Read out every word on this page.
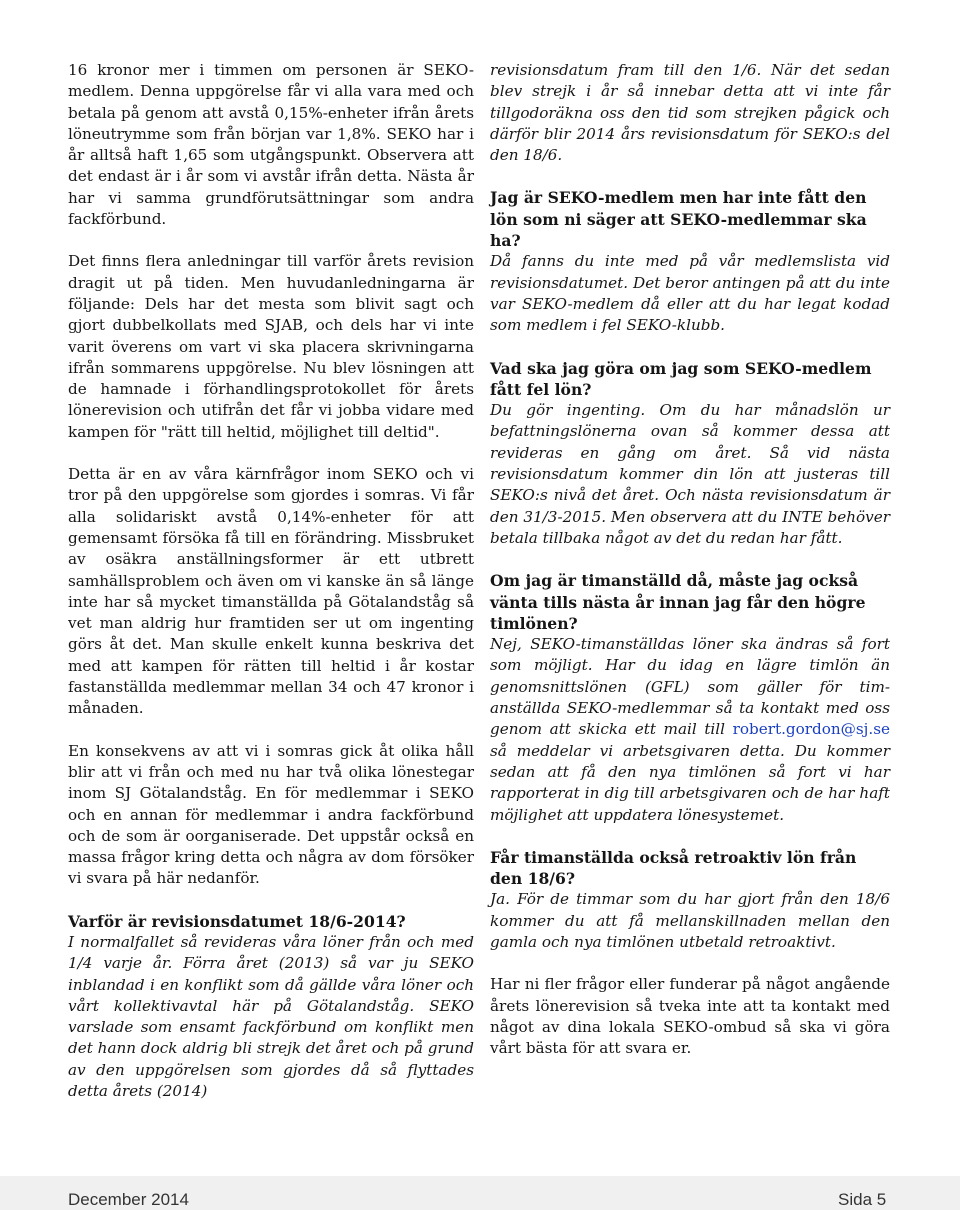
16 kronor mer i timmen om personen är SEKO-medlem. Denna uppgörelse får vi alla vara med och betala på genom att avstå 0,15%-enheter ifrån årets löneutrymme som från början var 1,8%. SEKO har i år alltså haft 1,65 som utgångspunkt. Observera att det endast är i år som vi avstår ifrån detta. Nästa år har vi samma grundförutsättningar som andra fackförbund.

Det finns flera anledningar till varför årets revision dragit ut på tiden. Men huvudanledningarna är följande: Dels har det mesta som blivit sagt och gjort dubbelkollats med SJAB, och dels har vi inte varit överens om vart vi ska placera skrivningarna ifrån sommarens uppgörelse. Nu blev lösningen att de hamnade i förhandlingsprotokollet för årets lönerevision och utifrån det får vi jobba vidare med kampen för "rätt till heltid, möjlighet till deltid".

Detta är en av våra kärnfrågor inom SEKO och vi tror på den uppgörelse som gjordes i somras. Vi får alla solidariskt avstå 0,14%-enheter för att gemensamt försöka få till en förändring. Missbruket av osäkra anställningsformer är ett utbrett samhällsproblem och även om vi kanske än så länge inte har så mycket timanställda på Götalandståg så vet man aldrig hur framtiden ser ut om ingenting görs åt det. Man skulle enkelt kunna beskriva det med att kampen för rätten till heltid i år kostar fastanställda medlemmar mellan 34 och 47 kronor i månaden.

En konsekvens av att vi i somras gick åt olika håll blir att vi från och med nu har två olika lönestegar inom SJ Götalandståg. En för medlemmar i SEKO och en annan för medlemmar i andra fackförbund och de som är oorganiserade. Det uppstår också en massa frågor kring detta och några av dom försöker vi svara på här nedanför.

Varför är revisionsdatumet 18/6-2014?

I normalfallet så revideras våra löner från och med 1/4 varje år. Förra året (2013) så var ju SEKO inblandad i en konflikt som då gällde våra löner och vårt kollektivavtal här på Götalandståg. SEKO varslade som ensamt fackförbund om konflikt men det hann dock aldrig bli strejk det året och på grund av den uppgörelsen som gjordes då så flyttades detta årets (2014)

revisionsdatum fram till den 1/6. När det sedan blev strejk i år så innebar detta att vi inte får tillgodoräkna oss den tid som strejken pågick och därför blir 2014 års revisionsdatum för SEKO:s del den 18/6.

Jag är SEKO-medlem men har inte fått den lön som ni säger att SEKO-medlemmar ska ha?

Då fanns du inte med på vår medlemslista vid revisionsdatumet. Det beror antingen på att du inte var SEKO-medlem då eller att du har legat kodad som medlem i fel SEKO-klubb.

Vad ska jag göra om jag som SEKO-medlem fått fel lön?

Du gör ingenting. Om du har månadslön ur befattningslönerna ovan så kommer dessa att revideras en gång om året. Så vid nästa revisionsdatum kommer din lön att justeras till SEKO:s nivå det året. Och nästa revisionsdatum är den 31/3-2015. Men observera att du INTE behöver betala tillbaka något av det du redan har fått.

Om jag är timanställd då, måste jag också vänta tills nästa år innan jag får den högre timlönen?

Nej, SEKO-timanställdas löner ska ändras så fort som möjligt. Har du idag en lägre timlön än genomsnittslönen (GFL) som gäller för tim-anställda SEKO-medlemmar så ta kontakt med oss genom att skicka ett mail till robert.gordon@sj.se så meddelar vi arbetsgivaren detta. Du kommer sedan att få den nya timlönen så fort vi har rapporterat in dig till arbetsgivaren och de har haft möjlighet att uppdatera lönesystemet.

Får timanställda också retroaktiv lön från den 18/6?

Ja. För de timmar som du har gjort från den 18/6 kommer du att få mellanskillnaden mellan den gamla och nya timlönen utbetald retroaktivt.

Har ni fler frågor eller funderar på något angående årets lönerevision så tveka inte att ta kontakt med något av dina lokala SEKO-ombud så ska vi göra vårt bästa för att svara er.

December 2014	Sida 5
